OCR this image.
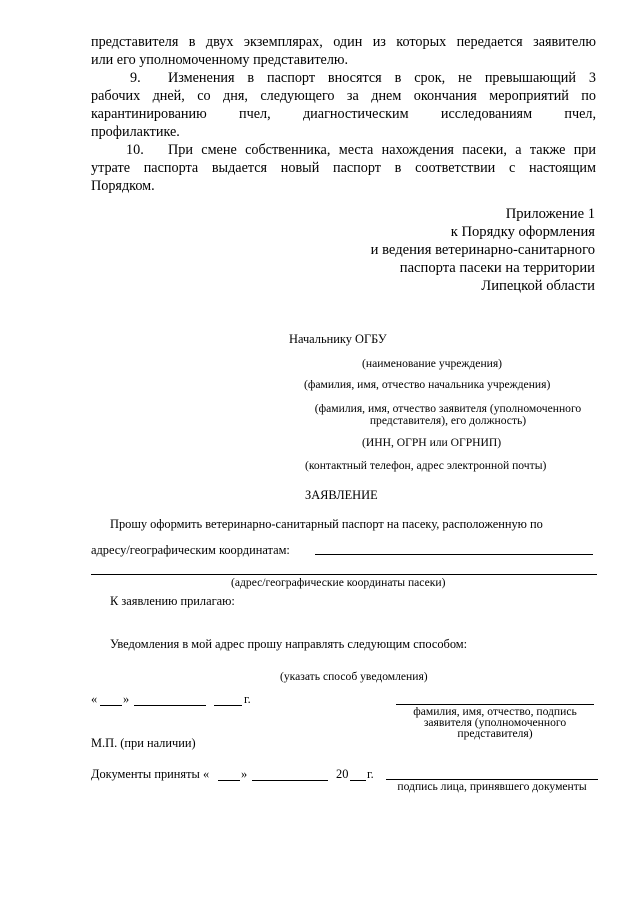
представителя в двух экземплярах, один из которых передается заявителю
или его уполномоченному представителю.
9. Изменения в паспорт вносятся в срок, не превышающий 3
рабочих дней, со дня, следующего за днем окончания мероприятий по
карантинированию пчел, диагностическим исследованиям пчел,
профилактике.
10. При смене собственника, места нахождения пасеки, а также при
утрате паспорта выдается новый паспорт в соответствии с настоящим
Порядком.
Приложение 1
к Порядку оформления
и ведения ветеринарно-санитарного
паспорта пасеки на территории
Липецкой области
Начальнику ОГБУ
(наименование учреждения)
(фамилия, имя, отчество начальника учреждения)
(фамилия, имя, отчество заявителя (уполномоченного
представителя), его должность)
(ИНН, ОГРН или ОГРНИП)
(контактный телефон, адрес электронной почты)
ЗАЯВЛЕНИЕ
Прошу оформить ветеринарно-санитарный паспорт на пасеку, расположенную по
адресу/географическим координатам:
(адрес/географические координаты пасеки)
К заявлению прилагаю:
Уведомления в мой адрес прошу направлять следующим способом:
(указать способ уведомления)
« »	г.
фамилия, имя, отчество, подпись
заявителя (уполномоченного
представителя)
М.П. (при наличии)
Документы приняты «	»	20 г.
подпись лица, принявшего документы
